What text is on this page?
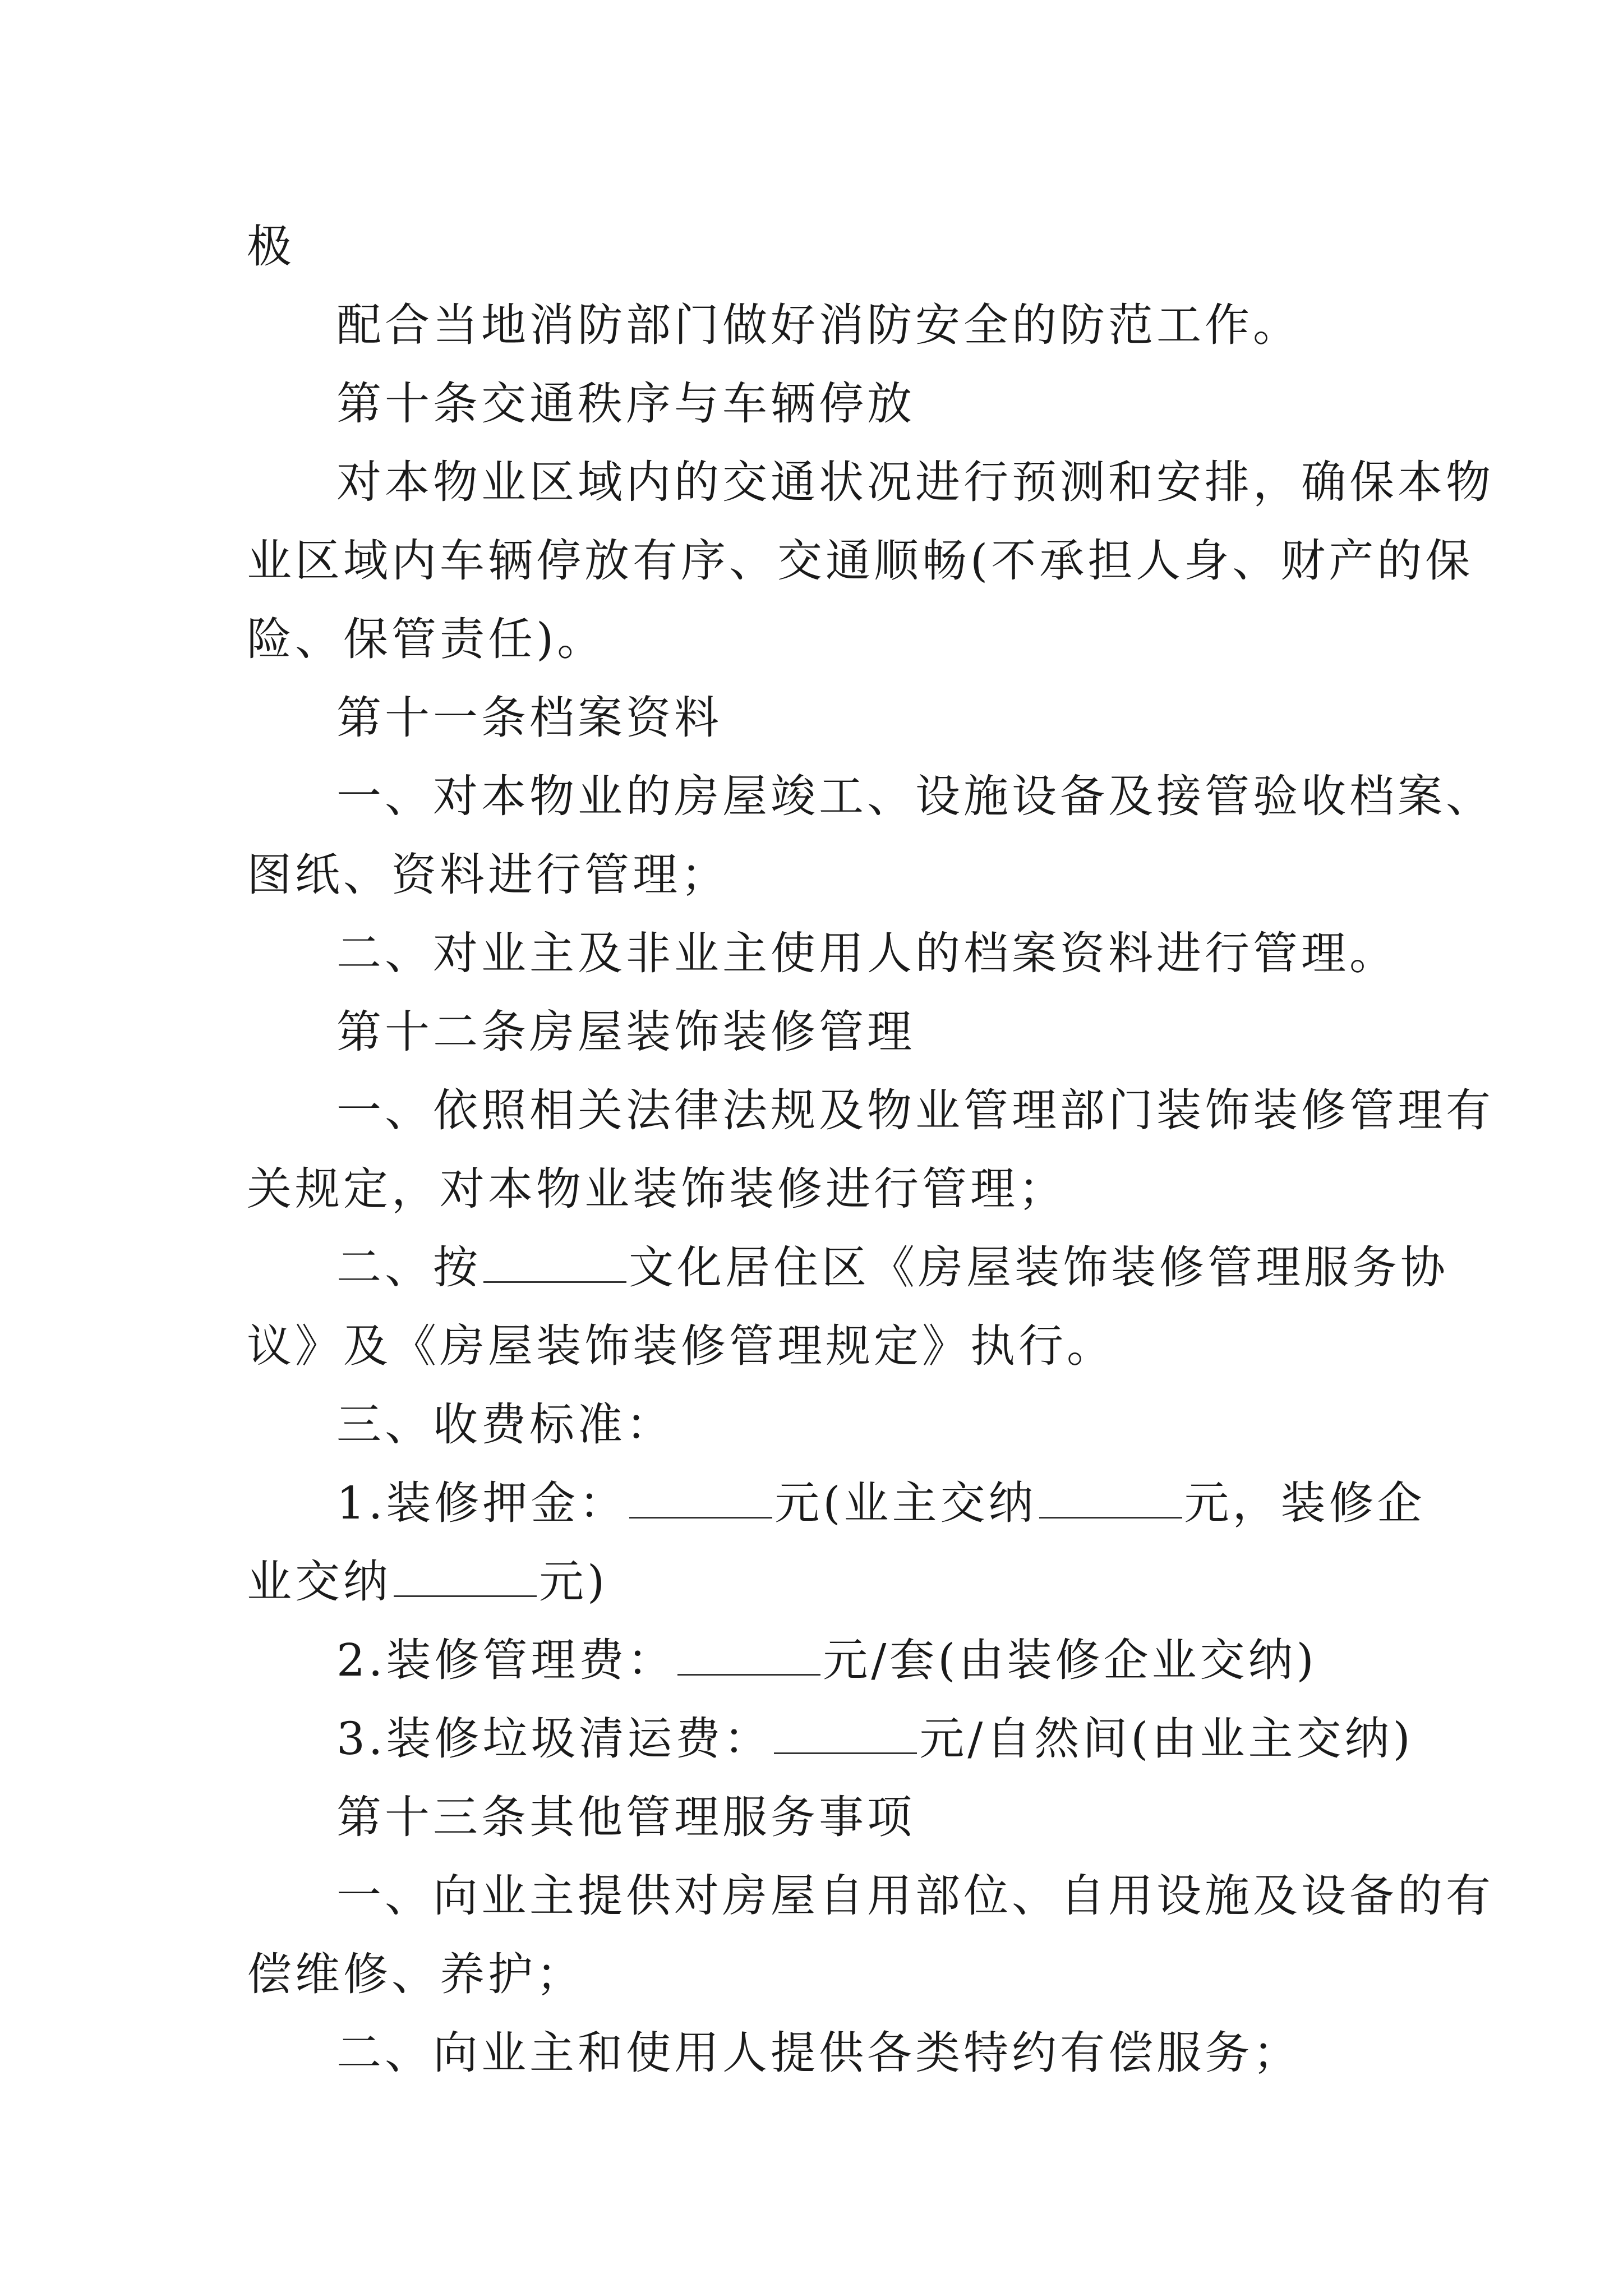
极

配合当地消防部门做好消防安全的防范工作。

第十条交通秩序与车辆停放

对本物业区域内的交通状况进行预测和安排，确保本物

业区域内车辆停放有序、交通顺畅(不承担人身、财产的保

险、保管责任)。

第十一条档案资料

一、对本物业的房屋竣工、设施设备及接管验收档案、

图纸、资料进行管理；

二、对业主及非业主使用人的档案资料进行管理。

第十二条房屋装饰装修管理

一、依照相关法律法规及物业管理部门装饰装修管理有

关规定，对本物业装饰装修进行管理；

二、按	文化居住区《房屋装饰装修管理服务协

议》及《房屋装饰装修管理规定》执行。

三、收费标准：

1.装修押金：	元(业主交纳	元，装修企

业交纳	元)

2.装修管理费：	元/套(由装修企业交纳)

3.装修垃圾清运费：	元/自然间(由业主交纳)

第十三条其他管理服务事项

一、向业主提供对房屋自用部位、自用设施及设备的有

偿维修、养护；

二、向业主和使用人提供各类特约有偿服务；
